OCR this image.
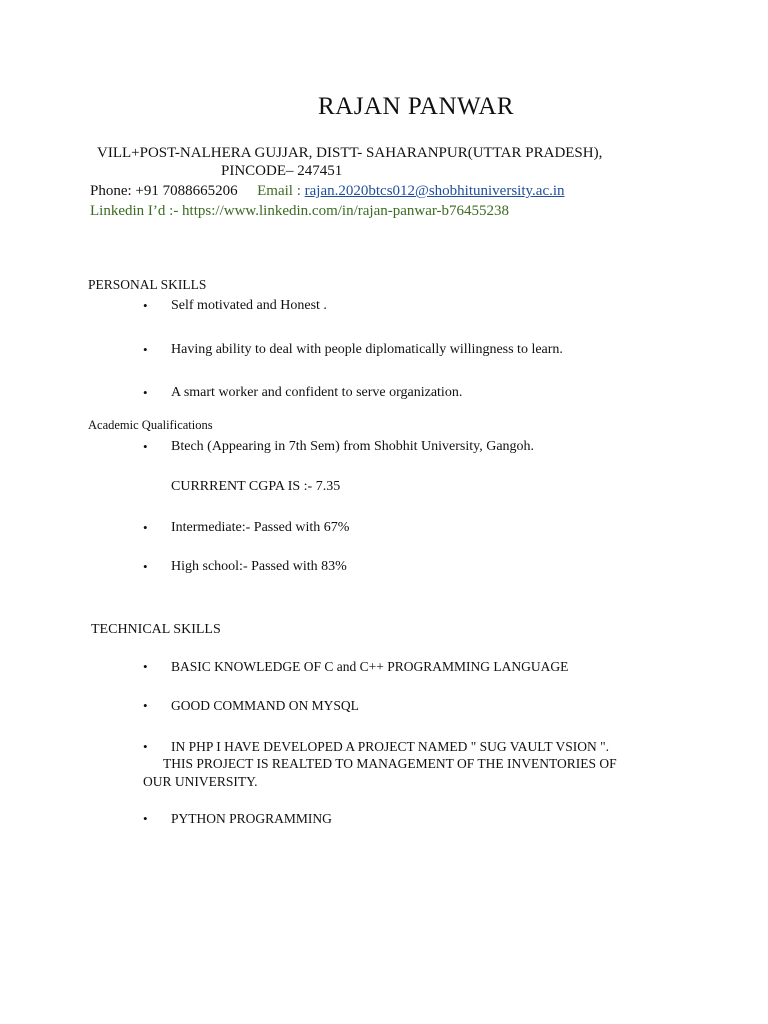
RAJAN PANWAR
VILL+POST-NALHERA GUJJAR, DISTT- SAHARANPUR(UTTAR PRADESH),
PINCODE– 247451
Phone: +91 7088665206 Email : rajan.2020btcs012@shobhituniversity.ac.in
Linkedin I’d :- https://www.linkedin.com/in/rajan-panwar-b76455238
PERSONAL SKILLS
• Self motivated and Honest .
• Having ability to deal with people diplomatically willingness to learn.
• A smart worker and confident to serve organization.
Academic Qualifications
• Btech (Appearing in 7th Sem) from Shobhit University, Gangoh.
CURRRENT CGPA IS :- 7.35
• Intermediate:- Passed with 67%
• High school:- Passed with 83%
TECHNICAL SKILLS
• BASIC KNOWLEDGE OF C and C++ PROGRAMMING LANGUAGE
• GOOD COMMAND ON MYSQL
• IN PHP I HAVE DEVELOPED A PROJECT NAMED " SUG VAULT VSION ".
THIS PROJECT IS REALTED TO MANAGEMENT OF THE INVENTORIES OF
OUR UNIVERSITY.
• PYTHON PROGRAMMING
